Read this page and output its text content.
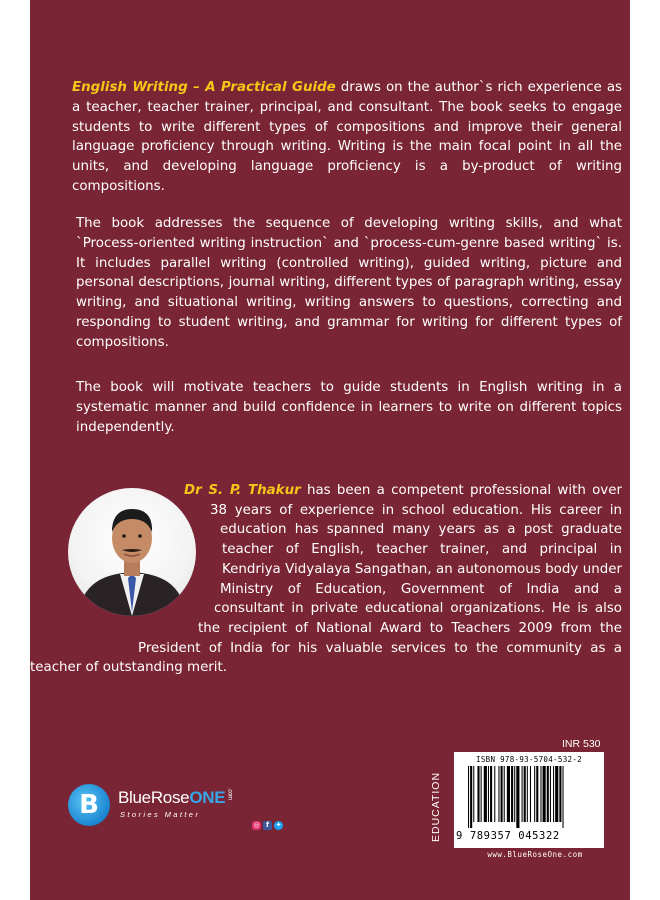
English Writing – A Practical Guide draws on the author`s rich experience as a teacher, teacher trainer, principal, and consultant. The book seeks to engage students to write different types of compositions and improve their general language proficiency through writing. Writing is the main focal point in all the units, and developing language proficiency is a by-product of writing compositions.

The book addresses the sequence of developing writing skills, and what `Process-oriented writing instruction` and `process-cum-genre based writing` is. It includes parallel writing (controlled writing), guided writing, picture and personal descriptions, journal writing, different types of paragraph writing, essay writing, and situational writing, writing answers to questions, correcting and responding to student writing, and grammar for writing for different types of compositions.

The book will motivate teachers to guide students in English writing in a systematic manner and build confidence in learners to write on different topics independently.

Dr S. P. Thakur has been a competent professional with over 38 years of experience in school education. His career in education has spanned many years as a post graduate teacher of English, teacher trainer, and principal in Kendriya Vidyalaya Sangathan, an autonomous body under Ministry of Education, Government of India and a consultant in private educational organizations. He is also the recipient of National Award to Teachers 2009 from the President of India for his valuable services to the community as a teacher of outstanding merit.

B	BlueRoseONE.com
Stories Matter
◎ f ✦	EDUCATION
INR 530
ISBN 978-93-5704-532-2
9 789357 045322
www.BlueRoseOne.com
